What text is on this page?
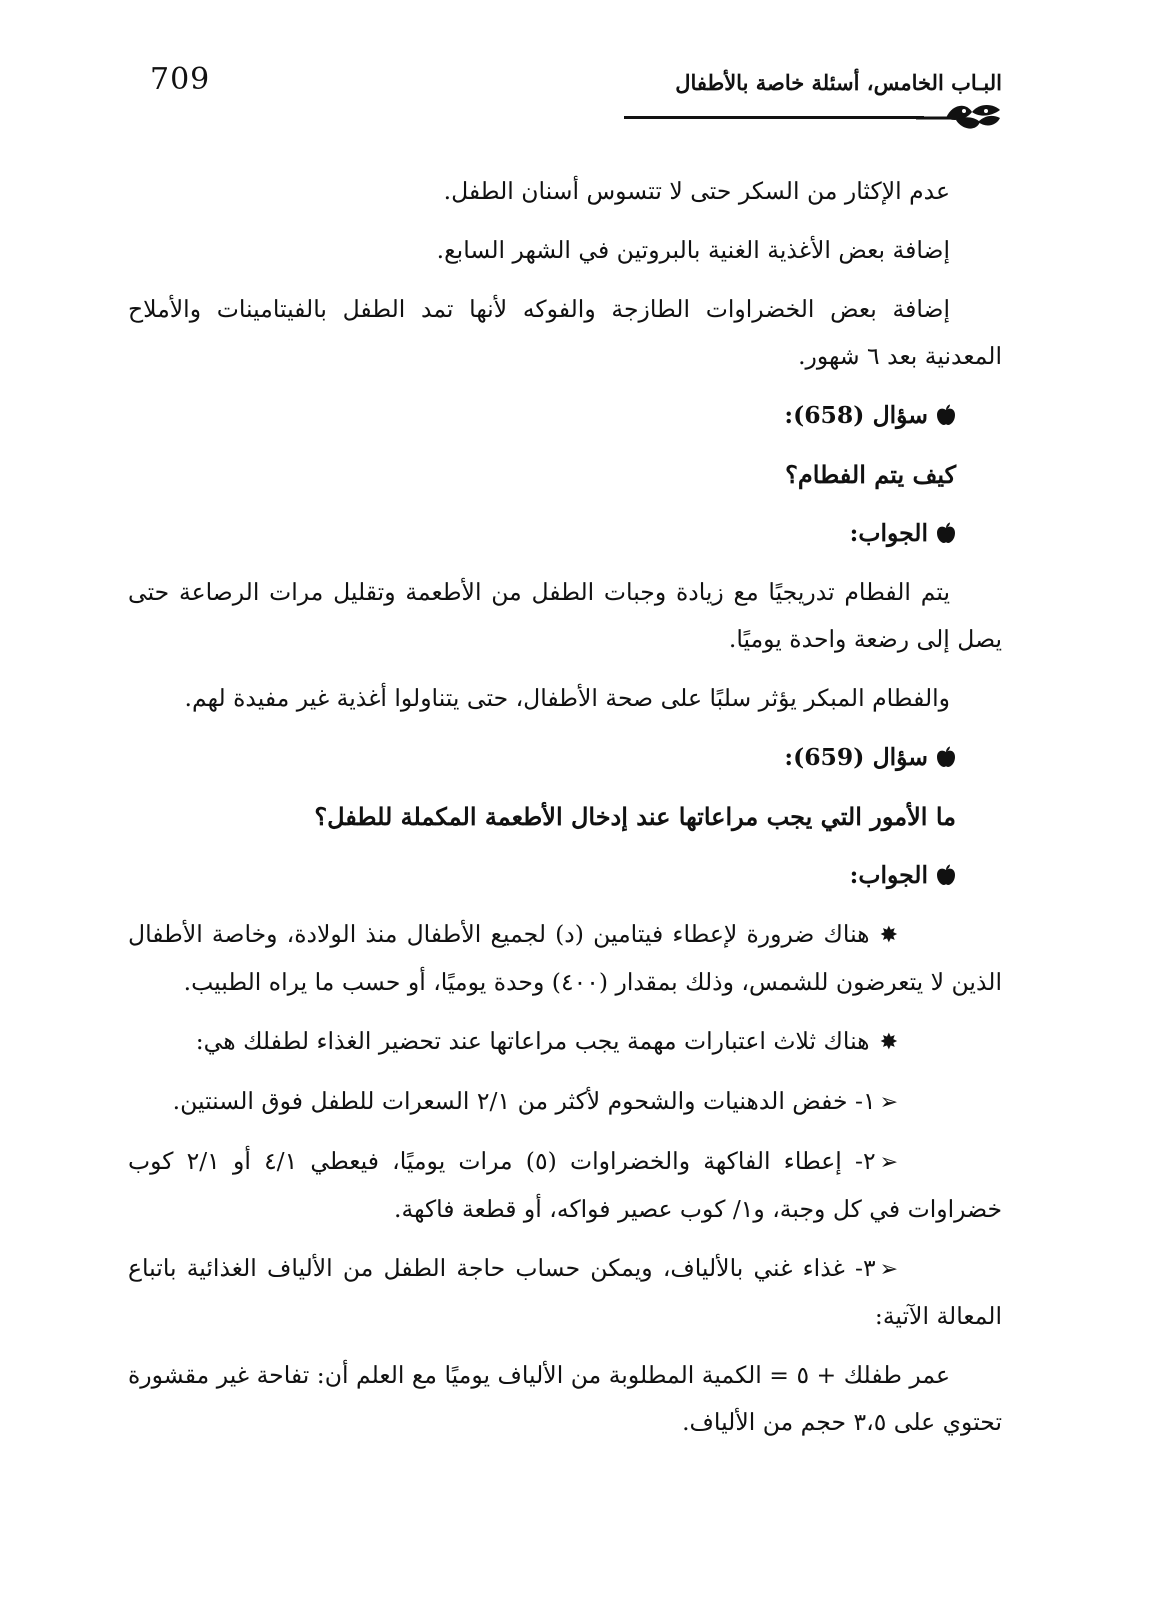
709	البـاب الخامس، أسئلة خاصة بالأطفال

عدم الإكثار من السكر حتى لا تتسوس أسنان الطفل.

إضافة بعض الأغذية الغنية بالبروتين في الشهر السابع.

إضافة بعض الخضراوات الطازجة والفوكه لأنها تمد الطفل بالفيتامينات والأملاح المعدنية بعد ٦ شهور.

سؤال (658):

كيف يتم الفطام؟

الجواب:

يتم الفطام تدريجيًا مع زيادة وجبات الطفل من الأطعمة وتقليل مرات الرصاعة حتى يصل إلى رضعة واحدة يوميًا.

والفطام المبكر يؤثر سلبًا على صحة الأطفال، حتى يتناولوا أغذية غير مفيدة لهم.

سؤال (659):

ما الأمور التي يجب مراعاتها عند إدخال الأطعمة المكملة للطفل؟

الجواب:

✸هناك ضرورة لإعطاء فيتامين (د) لجميع الأطفال منذ الولادة، وخاصة الأطفال الذين لا يتعرضون للشمس، وذلك بمقدار (٤٠٠) وحدة يوميًا، أو حسب ما يراه الطبيب.

✸هناك ثلاث اعتبارات مهمة يجب مراعاتها عند تحضير الغذاء لطفلك هي:

➢١- خفض الدهنيات والشحوم لأكثر من ٢/١ السعرات للطفل فوق السنتين.

➢٢- إعطاء الفاكهة والخضراوات (٥) مرات يوميًا، فيعطي ٤/١ أو ٢/١ كوب خضراوات في كل وجبة، و١/ كوب عصير فواكه، أو قطعة فاكهة.

➢٣- غذاء غني بالألياف، ويمكن حساب حاجة الطفل من الألياف الغذائية باتباع المعالة الآتية:

عمر طفلك + ٥ = الكمية المطلوبة من الألياف يوميًا مع العلم أن: تفاحة غير مقشورة تحتوي على ٣،٥ حجم من الألياف.
